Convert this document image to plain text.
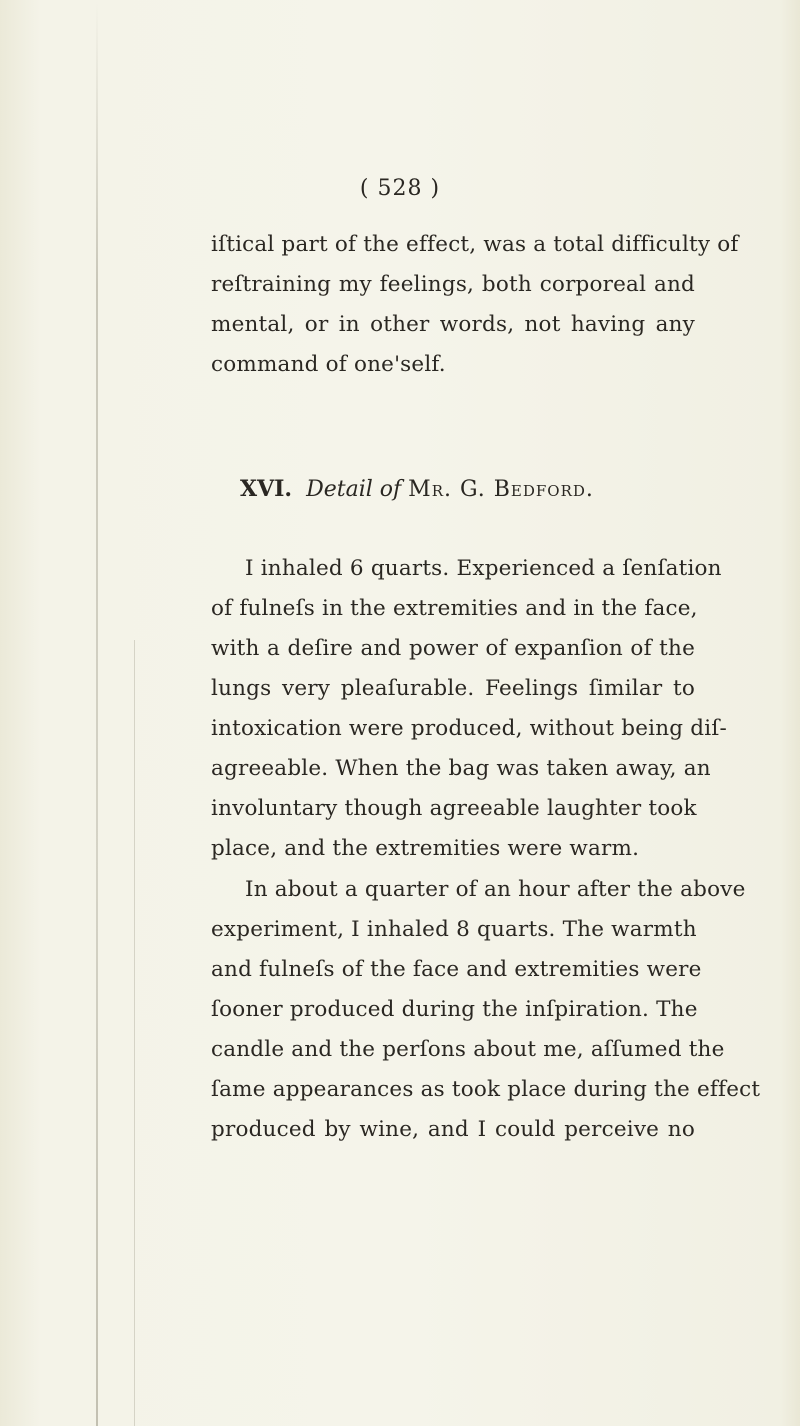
( 528 )
iſtical part of the effect, was a total difficulty of
reſtraining my feelings, both corporeal and
mental, or in other words, not having any
command of one'self.
XVI. Detail of Mr. G. Bedford.
I inhaled 6 quarts. Experienced a ſenſation
of fulneſs in the extremities and in the face,
with a deſire and power of expanſion of the
lungs very pleaſurable. Feelings ſimilar to
intoxication were produced, without being diſ-
agreeable. When the bag was taken away, an
involuntary though agreeable laughter took
place, and the extremities were warm.
In about a quarter of an hour after the above
experiment, I inhaled 8 quarts. The warmth
and fulneſs of the face and extremities were
ſooner produced during the inſpiration. The
candle and the perſons about me, aſſumed the
ſame appearances as took place during the effect
produced by wine, and I could perceive no
